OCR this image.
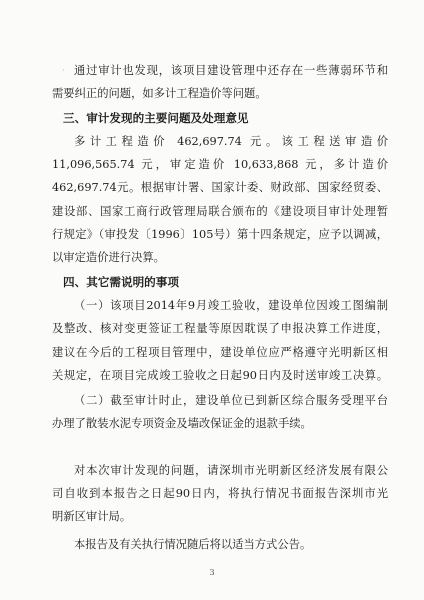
· 通过审计也发现，该项目建设管理中还存在一些薄弱环节和
需要纠正的问题，如多计工程造价等问题。
三、审计发现的主要问题及处理意见
多计工程造价 462,697.74 元。该工程送审造价
11,096,565.74 元，审定造价 10,633,868 元，多计造价
462,697.74元。根据审计署、国家计委、财政部、国家经贸委、
建设部、国家工商行政管理局联合颁布的《建设项目审计处理暂
行规定》（审投发〔1996〕105号）第十四条规定，应予以调减，
以审定造价进行决算。
四、其它需说明的事项
（一）该项目2014年9月竣工验收，建设单位因竣工图编制
及整改、核对变更签证工程量等原因耽误了申报决算工作进度，
建议在今后的工程项目管理中，建设单位应严格遵守光明新区相
关规定，在项目完成竣工验收之日起90日内及时送审竣工决算。
（二）截至审计时止，建设单位已到新区综合服务受理平台
办理了散装水泥专项资金及墙改保证金的退款手续。
对本次审计发现的问题，请深圳市光明新区经济发展有限公
司自收到本报告之日起90日内，将执行情况书面报告深圳市光
明新区审计局。
本报告及有关执行情况随后将以适当方式公告。
3
